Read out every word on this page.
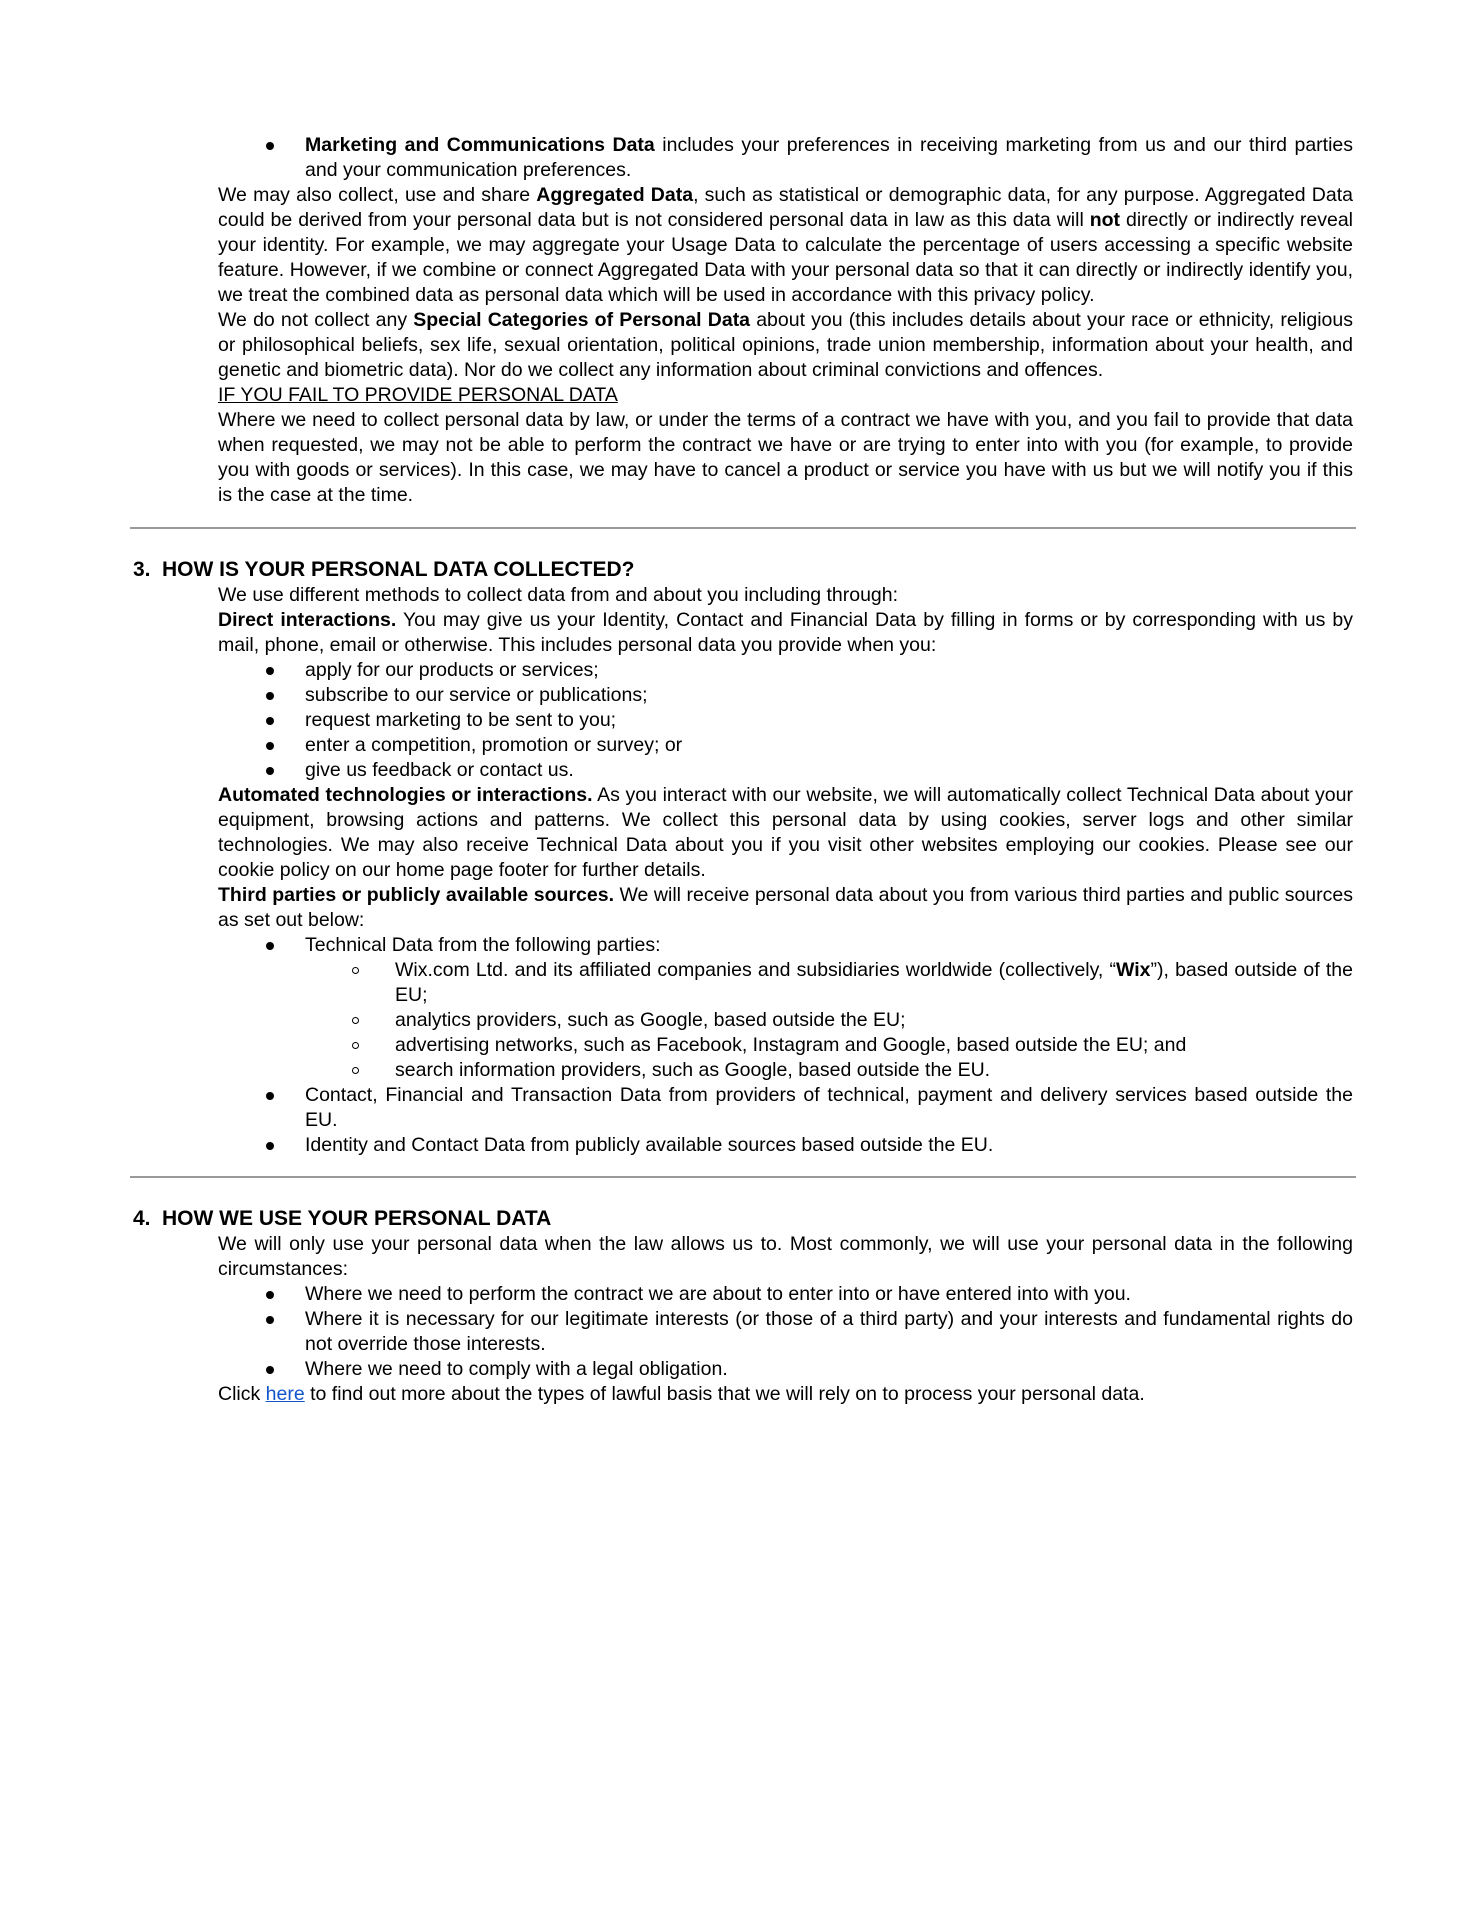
Marketing and Communications Data includes your preferences in receiving marketing from us and our third parties and your communication preferences.

We may also collect, use and share Aggregated Data, such as statistical or demographic data, for any purpose. Aggregated Data could be derived from your personal data but is not considered personal data in law as this data will not directly or indirectly reveal your identity. For example, we may aggregate your Usage Data to calculate the percentage of users accessing a specific website feature. However, if we combine or connect Aggregated Data with your personal data so that it can directly or indirectly identify you, we treat the combined data as personal data which will be used in accordance with this privacy policy.

We do not collect any Special Categories of Personal Data about you (this includes details about your race or ethnicity, religious or philosophical beliefs, sex life, sexual orientation, political opinions, trade union membership, information about your health, and genetic and biometric data). Nor do we collect any information about criminal convictions and offences.

IF YOU FAIL TO PROVIDE PERSONAL DATA

Where we need to collect personal data by law, or under the terms of a contract we have with you, and you fail to provide that data when requested, we may not be able to perform the contract we have or are trying to enter into with you (for example, to provide you with goods or services). In this case, we may have to cancel a product or service you have with us but we will notify you if this is the case at the time.

3. HOW IS YOUR PERSONAL DATA COLLECTED?

We use different methods to collect data from and about you including through:

Direct interactions. You may give us your Identity, Contact and Financial Data by filling in forms or by corresponding with us by mail, phone, email or otherwise. This includes personal data you provide when you:

apply for our products or services;
subscribe to our service or publications;
request marketing to be sent to you;
enter a competition, promotion or survey; or
give us feedback or contact us.

Automated technologies or interactions. As you interact with our website, we will automatically collect Technical Data about your equipment, browsing actions and patterns. We collect this personal data by using cookies, server logs and other similar technologies. We may also receive Technical Data about you if you visit other websites employing our cookies. Please see our cookie policy on our home page footer for further details.

Third parties or publicly available sources. We will receive personal data about you from various third parties and public sources as set out below:

Technical Data from the following parties:
Wix.com Ltd. and its affiliated companies and subsidiaries worldwide (collectively, “Wix”), based outside of the EU;
analytics providers, such as Google, based outside the EU;
advertising networks, such as Facebook, Instagram and Google, based outside the EU; and
search information providers, such as Google, based outside the EU.
Contact, Financial and Transaction Data from providers of technical, payment and delivery services based outside the EU.
Identity and Contact Data from publicly available sources based outside the EU.
4. HOW WE USE YOUR PERSONAL DATA

We will only use your personal data when the law allows us to. Most commonly, we will use your personal data in the following circumstances:

Where we need to perform the contract we are about to enter into or have entered into with you.
Where it is necessary for our legitimate interests (or those of a third party) and your interests and fundamental rights do not override those interests.
Where we need to comply with a legal obligation.

Click here to find out more about the types of lawful basis that we will rely on to process your personal data.
